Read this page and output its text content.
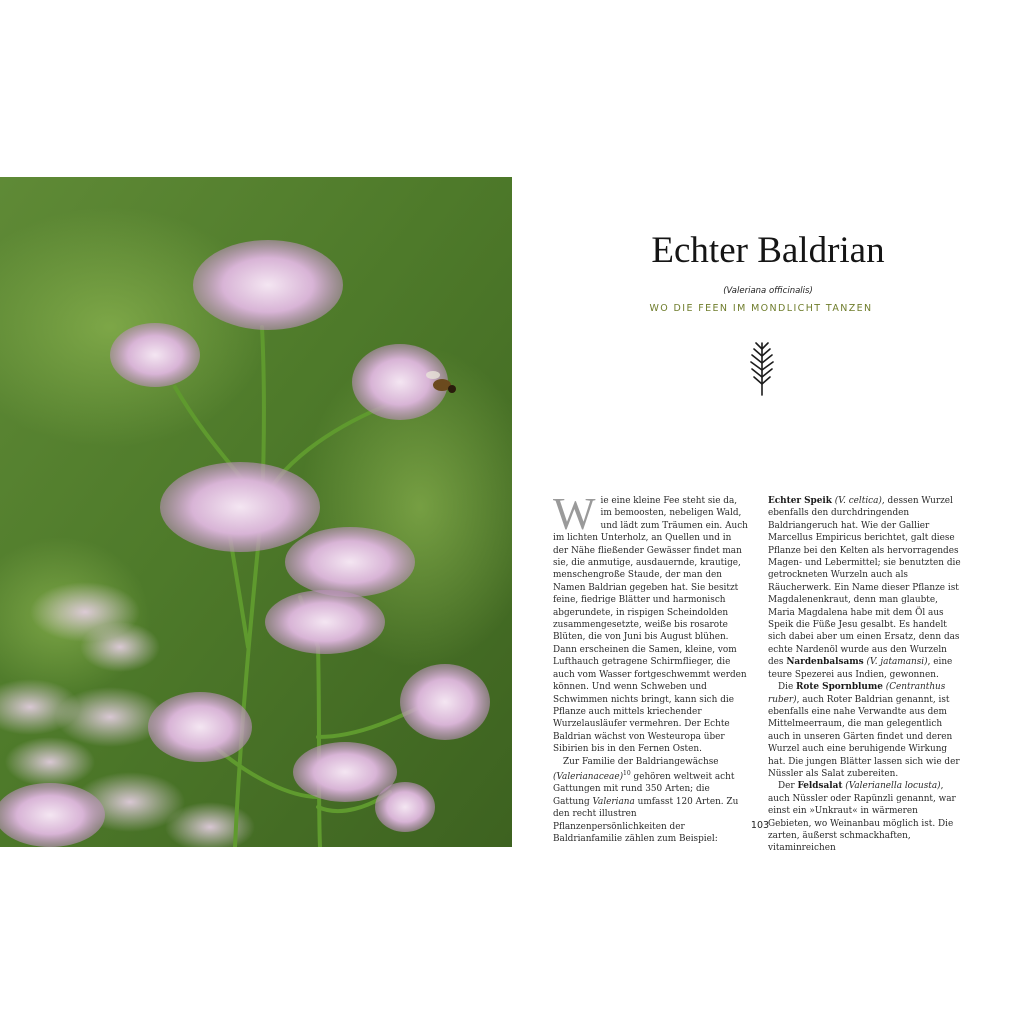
Echter Baldrian
(Valeriana officinalis)
WO DIE FEEN IM MONDLICHT TANZEN

Wie eine kleine Fee steht sie da, im bemoosten, nebeligen Wald, und lädt zum Träumen ein. Auch im lichten Unterholz, an Quellen und in der Nähe fließender Gewässer findet man sie, die anmutige, ausdauernde, krautige, menschengroße Staude, der man den Namen Baldrian gegeben hat. Sie besitzt feine, fiedrige Blätter und harmonisch abgerundete, in rispigen Scheindolden zusammengesetzte, weiße bis rosarote Blüten, die von Juni bis August blühen. Dann erscheinen die Samen, kleine, vom Lufthauch getragene Schirmflieger, die auch vom Wasser fortgeschwemmt werden können. Und wenn Schweben und Schwimmen nichts bringt, kann sich die Pflanze auch mittels kriechender Wurzelausläufer vermehren. Der Echte Baldrian wächst von Westeuropa über Sibirien bis in den Fernen Osten.

Zur Familie der Baldriangewächse (Valerianaceae)$^{10}$ gehören weltweit acht Gattungen mit rund 350 Arten; die Gattung Valeriana umfasst 120 Arten. Zu den recht illustren Pflanzenpersönlichkeiten der Baldrianfamilie zählen zum Beispiel:

Echter Speik (V. celtica), dessen Wurzel ebenfalls den durchdringenden Baldriangeruch hat. Wie der Gallier Marcellus Empiricus berichtet, galt diese Pflanze bei den Kelten als hervorragendes Magen- und Lebermittel; sie benutzten die getrockneten Wurzeln auch als Räucherwerk. Ein Name dieser Pflanze ist Magdalenenkraut, denn man glaubte, Maria Magdalena habe mit dem Öl aus Speik die Füße Jesu gesalbt. Es handelt sich dabei aber um einen Ersatz, denn das echte Nardenöl wurde aus den Wurzeln des Nardenbalsams (V. jatamansi), eine teure Spezerei aus Indien, gewonnen.

Die Rote Spornblume (Centranthus ruber), auch Roter Baldrian genannt, ist ebenfalls eine nahe Verwandte aus dem Mittelmeerraum, die man gelegentlich auch in unseren Gärten findet und deren Wurzel auch eine beruhigende Wirkung hat. Die jungen Blätter lassen sich wie der Nüssler als Salat zubereiten.

Der Feldsalat (Valerianella locusta), auch Nüssler oder Rapünzli genannt, war einst ein »Unkraut« in wärmeren Gebieten, wo Weinanbau möglich ist. Die zarten, äußerst schmackhaften, vitaminreichen

103
